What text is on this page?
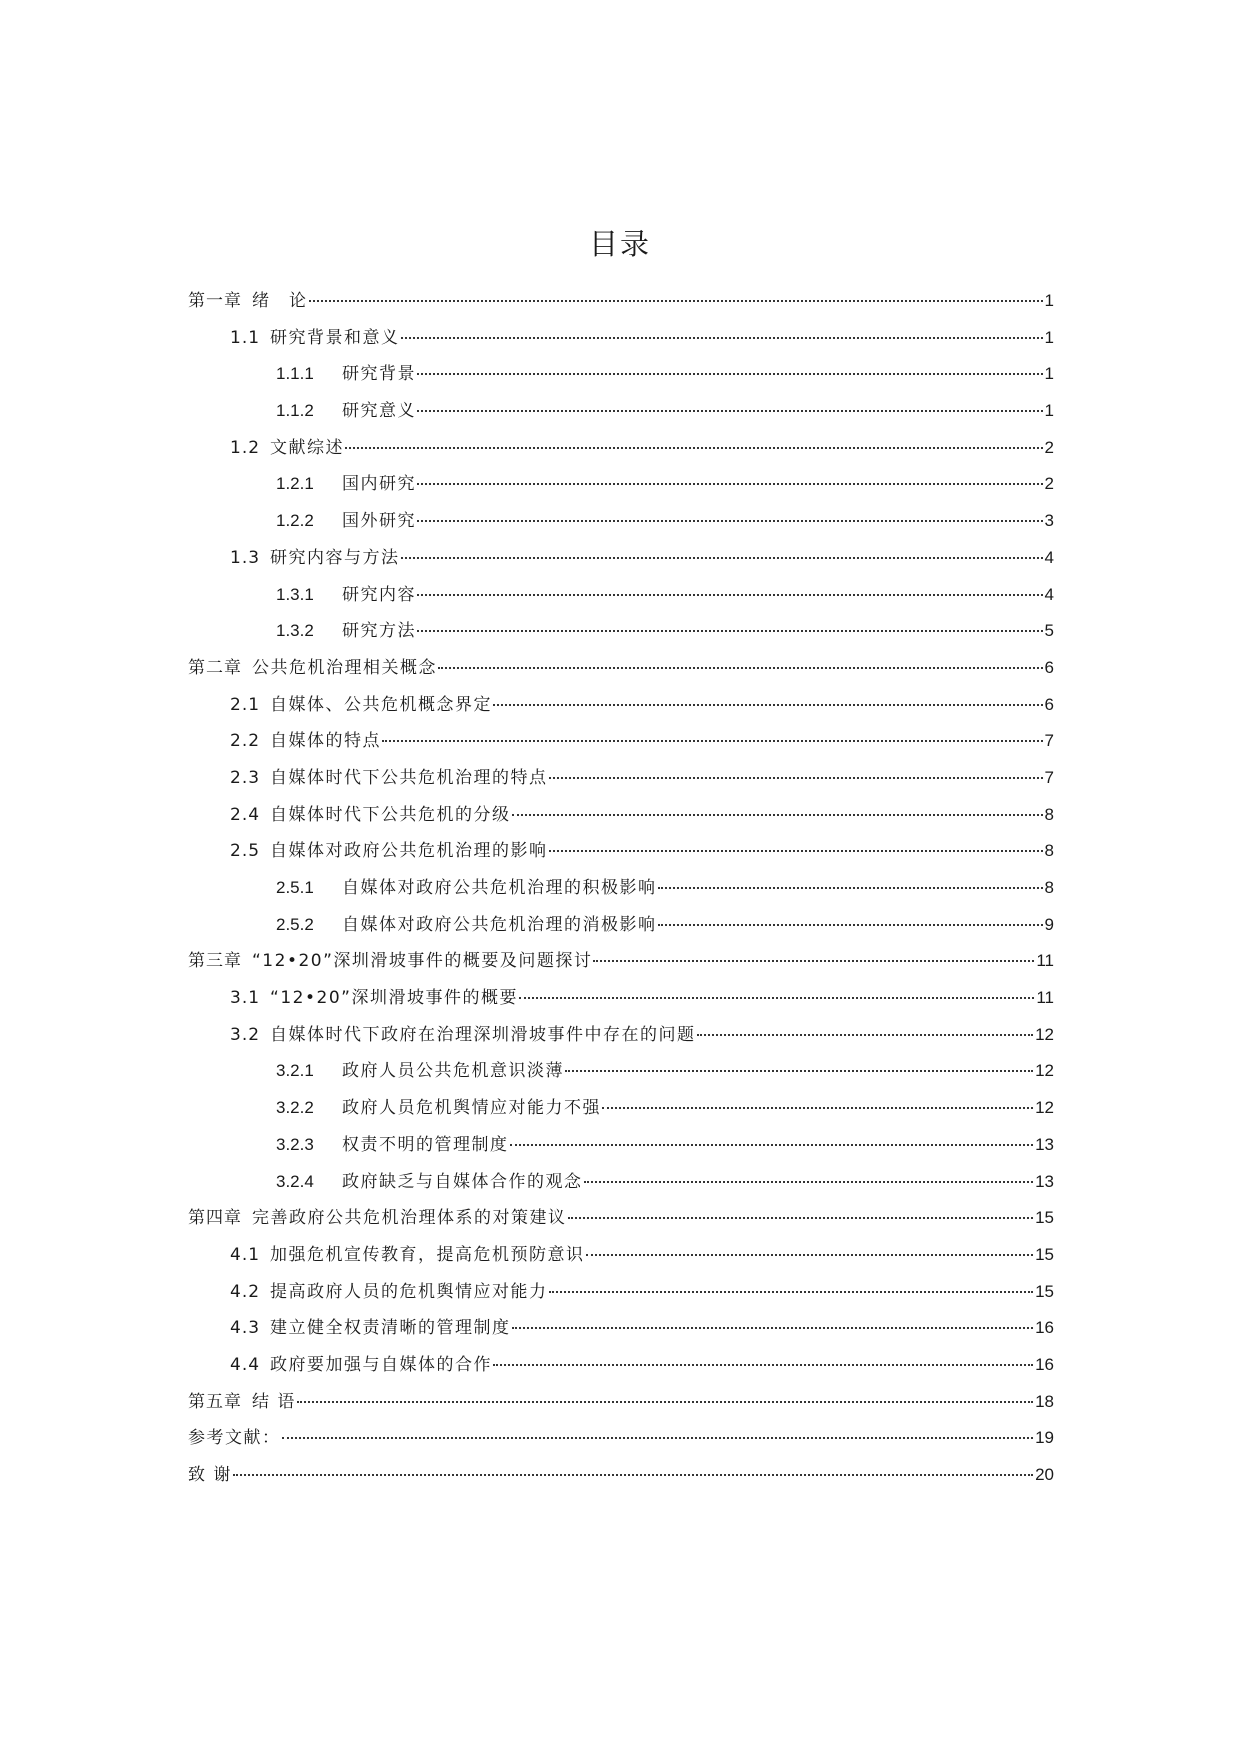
目录
第一章 绪　论	1
1.1 研究背景和意义	1
1.1.1	研究背景	1
1.1.2	研究意义	1
1.2 文献综述	2
1.2.1	国内研究	2
1.2.2	国外研究	3
1.3 研究内容与方法	4
1.3.1	研究内容	4
1.3.2	研究方法	5
第二章 公共危机治理相关概念	6
2.1 自媒体、公共危机概念界定	6
2.2 自媒体的特点	7
2.3 自媒体时代下公共危机治理的特点	7
2.4 自媒体时代下公共危机的分级	8
2.5 自媒体对政府公共危机治理的影响	8
2.5.1	自媒体对政府公共危机治理的积极影响	8
2.5.2	自媒体对政府公共危机治理的消极影响	9
第三章 “12•20”深圳滑坡事件的概要及问题探讨	11
3.1 “12•20”深圳滑坡事件的概要	11
3.2 自媒体时代下政府在治理深圳滑坡事件中存在的问题	12
3.2.1	政府人员公共危机意识淡薄	12
3.2.2	政府人员危机舆情应对能力不强	12
3.2.3	权责不明的管理制度	13
3.2.4	政府缺乏与自媒体合作的观念	13
第四章 完善政府公共危机治理体系的对策建议	15
4.1 加强危机宣传教育，提高危机预防意识	15
4.2 提高政府人员的危机舆情应对能力	15
4.3 建立健全权责清晰的管理制度	16
4.4 政府要加强与自媒体的合作	16
第五章 结 语	18
参考文献：	19
致 谢	20
